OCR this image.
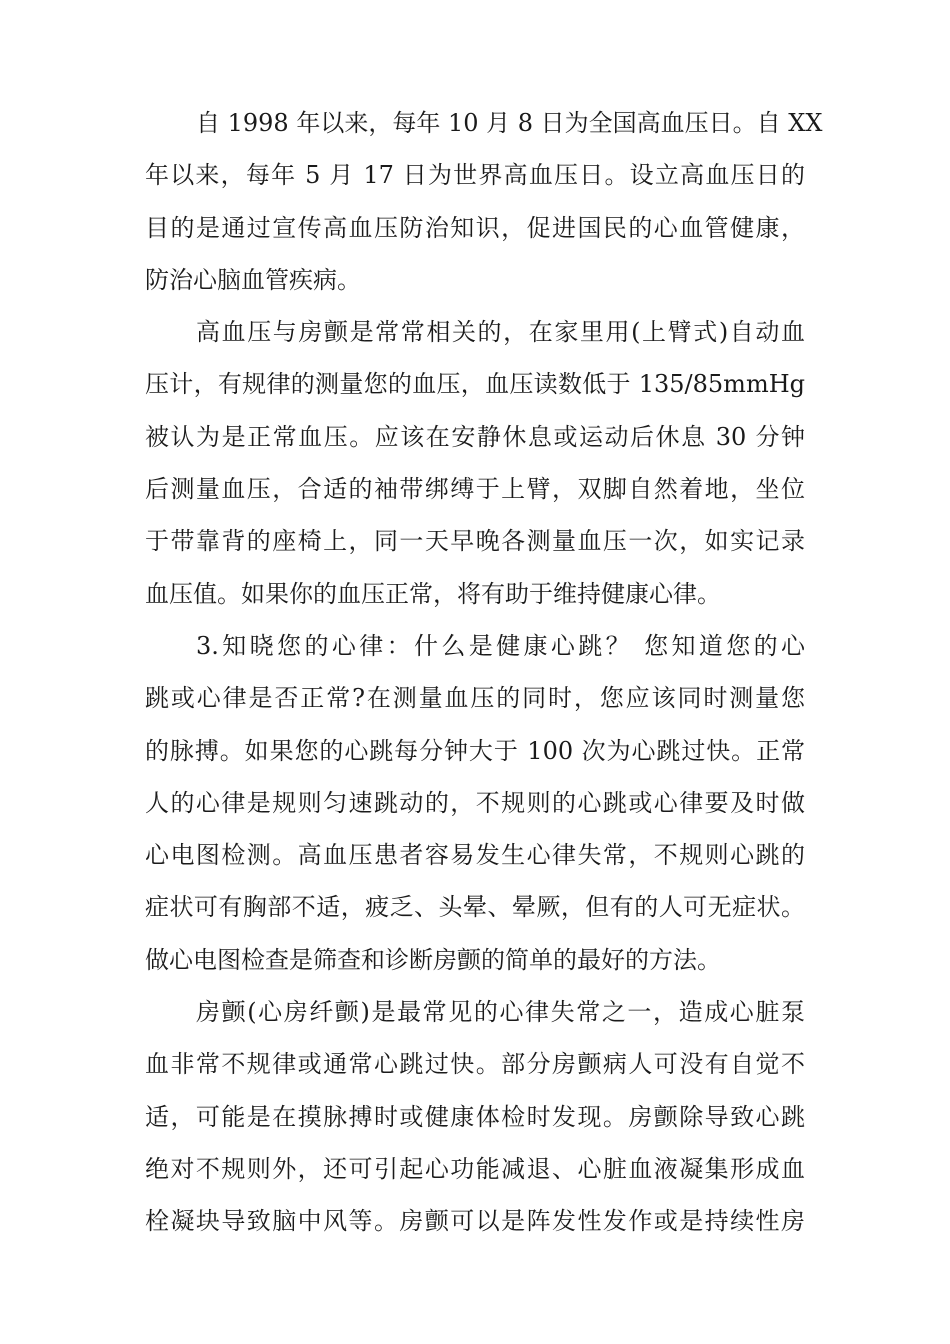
自 1998 年以来，每年 10 月 8 日为全国高血压日。自 XX
年以来，每年 5 月 17 日为世界高血压日。设立高血压日的
目的是通过宣传高血压防治知识，促进国民的心血管健康，
防治心脑血管疾病。
高血压与房颤是常常相关的，在家里用(上臂式)自动血
压计，有规律的测量您的血压，血压读数低于 135/85mmHg
被认为是正常血压。应该在安静休息或运动后休息 30 分钟
后测量血压，合适的袖带绑缚于上臂，双脚自然着地，坐位
于带靠背的座椅上，同一天早晚各测量血压一次，如实记录
血压值。如果你的血压正常，将有助于维持健康心律。
3.知晓您的心律：什么是健康心跳？ 您知道您的心
跳或心律是否正常?在测量血压的同时，您应该同时测量您
的脉搏。如果您的心跳每分钟大于 100 次为心跳过快。正常
人的心律是规则匀速跳动的，不规则的心跳或心律要及时做
心电图检测。高血压患者容易发生心律失常，不规则心跳的
症状可有胸部不适，疲乏、头晕、晕厥，但有的人可无症状。
做心电图检查是筛查和诊断房颤的简单的最好的方法。
房颤(心房纤颤)是最常见的心律失常之一，造成心脏泵
血非常不规律或通常心跳过快。部分房颤病人可没有自觉不
适，可能是在摸脉搏时或健康体检时发现。房颤除导致心跳
绝对不规则外，还可引起心功能减退、心脏血液凝集形成血
栓凝块导致脑中风等。房颤可以是阵发性发作或是持续性房
